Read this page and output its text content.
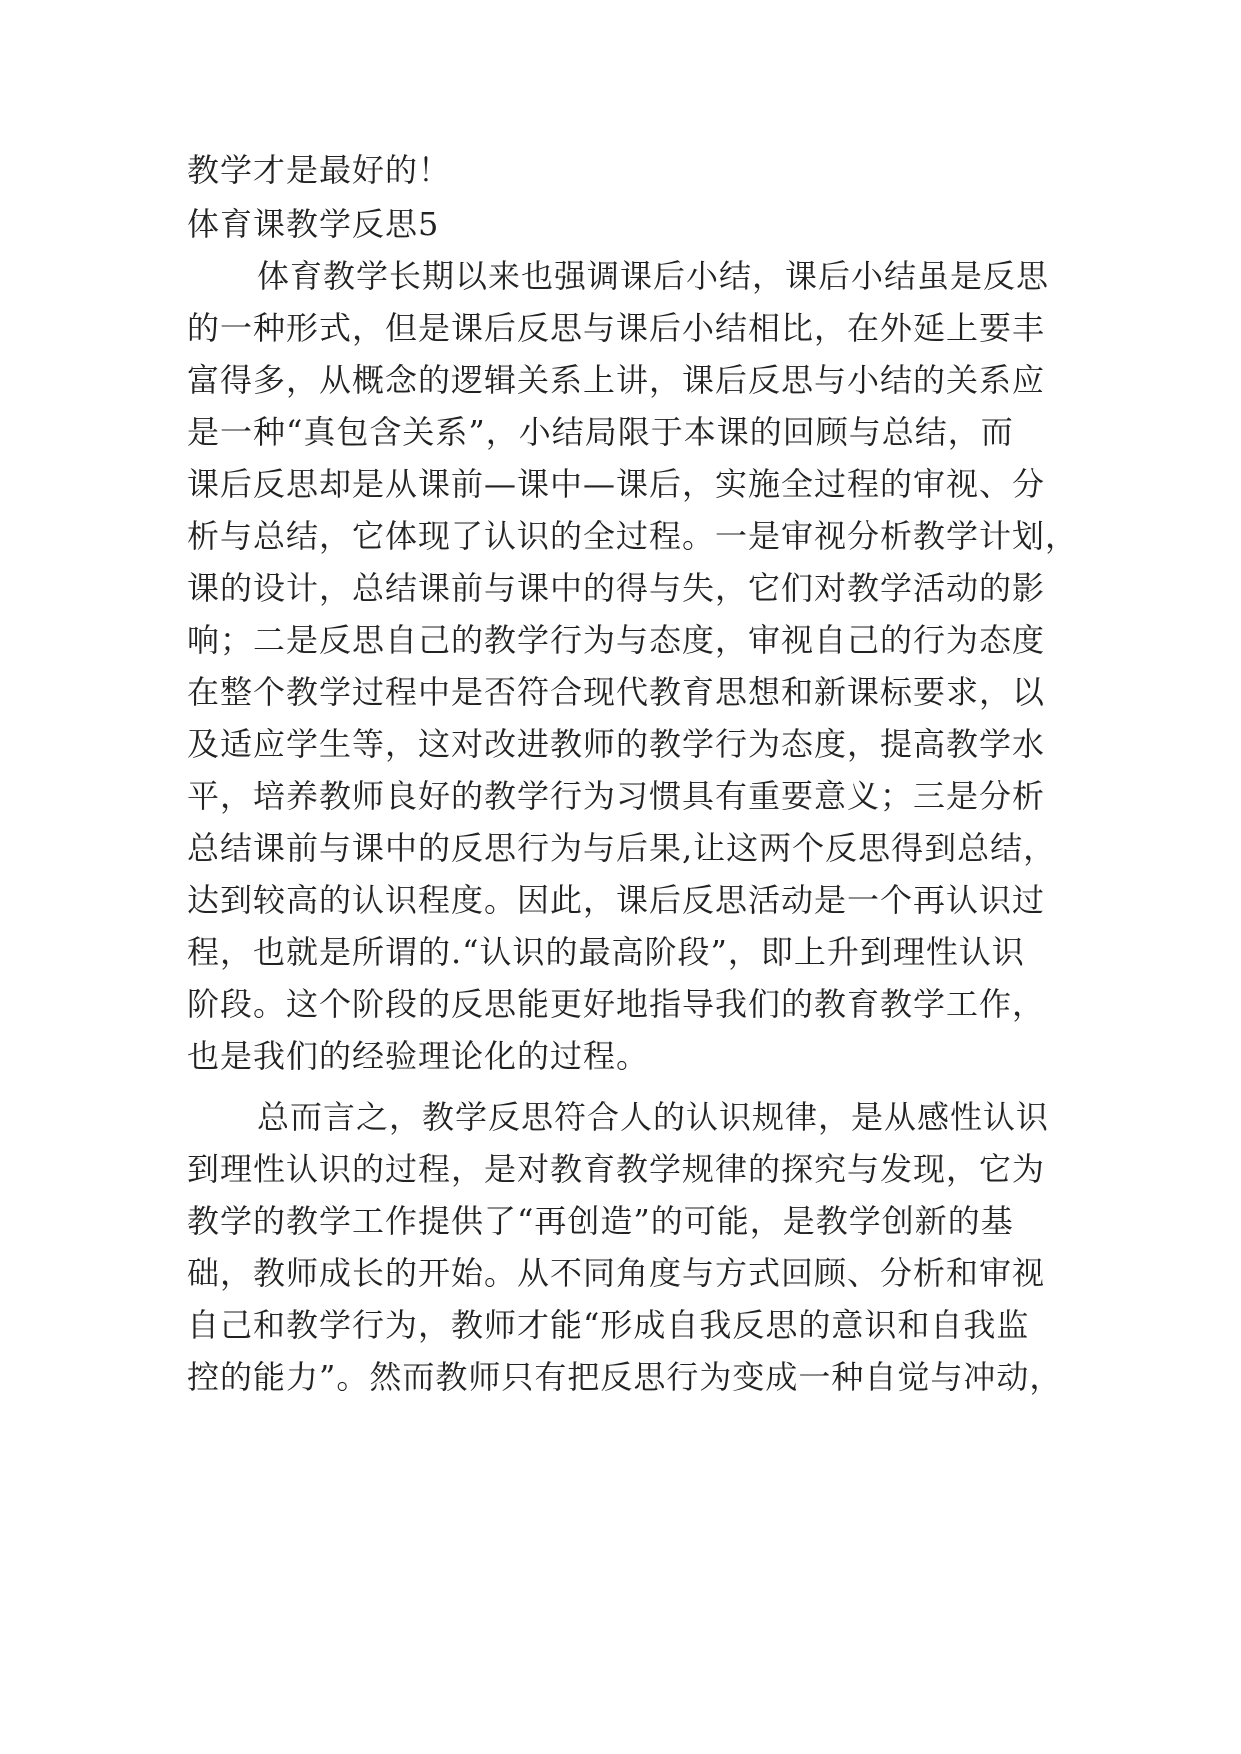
教学才是最好的！
体育课教学反思5
体育教学长期以来也强调课后小结，课后小结虽是反思
的一种形式，但是课后反思与课后小结相比，在外延上要丰
富得多，从概念的逻辑关系上讲，课后反思与小结的关系应
是一种“真包含关系”，小结局限于本课的回顾与总结，而
课后反思却是从课前—课中—课后，实施全过程的审视、分
析与总结，它体现了认识的全过程。一是审视分析教学计划，
课的设计，总结课前与课中的得与失，它们对教学活动的影
响；二是反思自己的教学行为与态度，审视自己的行为态度
在整个教学过程中是否符合现代教育思想和新课标要求，以
及适应学生等，这对改进教师的教学行为态度，提高教学水
平，培养教师良好的教学行为习惯具有重要意义；三是分析
总结课前与课中的反思行为与后果,让这两个反思得到总结，
达到较高的认识程度。因此，课后反思活动是一个再认识过
程，也就是所谓的.“认识的最高阶段”，即上升到理性认识
阶段。这个阶段的反思能更好地指导我们的教育教学工作，
也是我们的经验理论化的过程。
总而言之，教学反思符合人的认识规律，是从感性认识
到理性认识的过程，是对教育教学规律的探究与发现，它为
教学的教学工作提供了“再创造”的可能，是教学创新的基
础，教师成长的开始。从不同角度与方式回顾、分析和审视
自己和教学行为，教师才能“形成自我反思的意识和自我监
控的能力”。然而教师只有把反思行为变成一种自觉与冲动，
